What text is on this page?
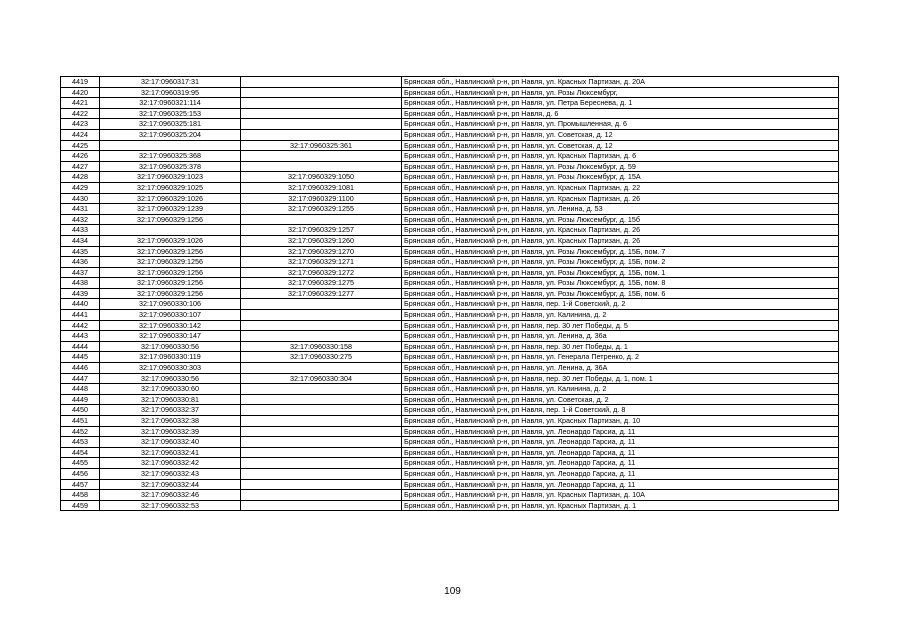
4419	32:17:0960317:31		Брянская обл., Навлинский р-н, рп Навля, ул. Красных Партизан, д. 20А
4420	32:17:0960319:95		Брянская обл., Навлинский р-н, рп Навля, ул. Розы Люксембург,
4421	32:17:0960321:114		Брянская обл., Навлинский р-н, рп Навля, ул. Петра Береснева, д. 1
4422	32:17:0960325:153		Брянская обл., Навлинский р-н, рп Навля, д. 6
4423	32:17:0960325:181		Брянская обл., Навлинский р-н, рп Навля, ул. Промышленная, д. 6
4424	32:17:0960325:204		Брянская обл., Навлинский р-н, рп Навля, ул. Советская, д. 12
4425		32:17:0960325:361	Брянская обл., Навлинский р-н, рп Навля, ул. Советская, д. 12
4426	32:17:0960325:368		Брянская обл., Навлинский р-н, рп Навля, ул. Красных Партизан, д. 6
4427	32:17:0960325:378		Брянская обл., Навлинский р-н, рп Навля, ул. Розы Люксембург, д. 59
4428	32:17:0960329:1023	32:17:0960329:1050	Брянская обл., Навлинский р-н, рп Навля, ул. Розы Люксембург, д. 15А
4429	32:17:0960329:1025	32:17:0960329:1081	Брянская обл., Навлинский р-н, рп Навля, ул. Красных Партизан, д. 22
4430	32:17:0960329:1026	32:17:0960329:1100	Брянская обл., Навлинский р-н, рп Навля, ул. Красных Партизан, д. 26
4431	32:17:0960329:1239	32:17:0960329:1255	Брянская обл., Навлинский р-н, рп Навля, ул. Ленина, д. 53
4432	32:17:0960329:1256		Брянская обл., Навлинский р-н, рп Навля, ул. Розы Люксембург, д. 15б
4433		32:17:0960329:1257	Брянская обл., Навлинский р-н, рп Навля, ул. Красных Партизан, д. 26
4434	32:17:0960329:1026	32:17:0960329:1260	Брянская обл., Навлинский р-н, рп Навля, ул. Красных Партизан, д. 26
4435	32:17:0960329:1256	32:17:0960329:1270	Брянская обл., Навлинский р-н, рп Навля, ул. Розы Люксембург, д. 15Б, пом. 7
4436	32:17:0960329:1256	32:17:0960329:1271	Брянская обл., Навлинский р-н, рп Навля, ул. Розы Люксембург, д. 15Б, пом. 2
4437	32:17:0960329:1256	32:17:0960329:1272	Брянская обл., Навлинский р-н, рп Навля, ул. Розы Люксембург, д. 15Б, пом. 1
4438	32:17:0960329:1256	32:17:0960329:1275	Брянская обл., Навлинский р-н, рп Навля, ул. Розы Люксембург, д. 15Б, пом. 8
4439	32:17:0960329:1256	32:17:0960329:1277	Брянская обл., Навлинский р-н, рп Навля, ул. Розы Люксембург, д. 15Б, пом. 6
4440	32:17:0960330:106		Брянская обл., Навлинский р-н, рп Навля, пер. 1-й Советский, д. 2
4441	32:17:0960330:107		Брянская обл., Навлинский р-н, рп Навля, ул. Калинина, д. 2
4442	32:17:0960330:142		Брянская обл., Навлинский р-н, рп Навля, пер. 30 лет Победы, д. 5
4443	32:17:0960330:147		Брянская обл., Навлинский р-н, рп Навля, ул. Ленина, д. 36а
4444	32:17:0960330:56	32:17:0960330:158	Брянская обл., Навлинский р-н, рп Навля, пер. 30 лет Победы, д. 1
4445	32:17:0960330:119	32:17:0960330:275	Брянская обл., Навлинский р-н, рп Навля, ул. Генерала Петренко, д. 2
4446	32:17:0960330:303		Брянская обл., Навлинский р-н, рп Навля, ул. Ленина, д. 36А
4447	32:17:0960330:56	32:17:0960330:304	Брянская обл., Навлинский р-н, рп Навля, пер. 30 лет Победы, д. 1, пом. 1
4448	32:17:0960330:60		Брянская обл., Навлинский р-н, рп Навля, ул. Калинина, д. 2
4449	32:17:0960330:81		Брянская обл., Навлинский р-н, рп Навля, ул. Советская, д. 2
4450	32:17:0960332:37		Брянская обл., Навлинский р-н, рп Навля, пер. 1-й Советский, д. 8
4451	32:17:0960332:38		Брянская обл., Навлинский р-н, рп Навля, ул. Красных Партизан, д. 10
4452	32:17:0960332:39		Брянская обл., Навлинский р-н, рп Навля, ул. Леонардо Гарсиа, д. 11
4453	32:17:0960332:40		Брянская обл., Навлинский р-н, рп Навля, ул. Леонардо Гарсиа, д. 11
4454	32:17:0960332:41		Брянская обл., Навлинский р-н, рп Навля, ул. Леонардо Гарсиа, д. 11
4455	32:17:0960332:42		Брянская обл., Навлинский р-н, рп Навля, ул. Леонардо Гарсиа, д. 11
4456	32:17:0960332:43		Брянская обл., Навлинский р-н, рп Навля, ул. Леонардо Гарсиа, д. 11
4457	32:17:0960332:44		Брянская обл., Навлинский р-н, рп Навля, ул. Леонардо Гарсиа, д. 11
4458	32:17:0960332:46		Брянская обл., Навлинский р-н, рп Навля, ул. Красных Партизан, д. 10А
4459	32:17:0960332:53		Брянская обл., Навлинский р-н, рп Навля, ул. Красных Партизан, д. 1
109
